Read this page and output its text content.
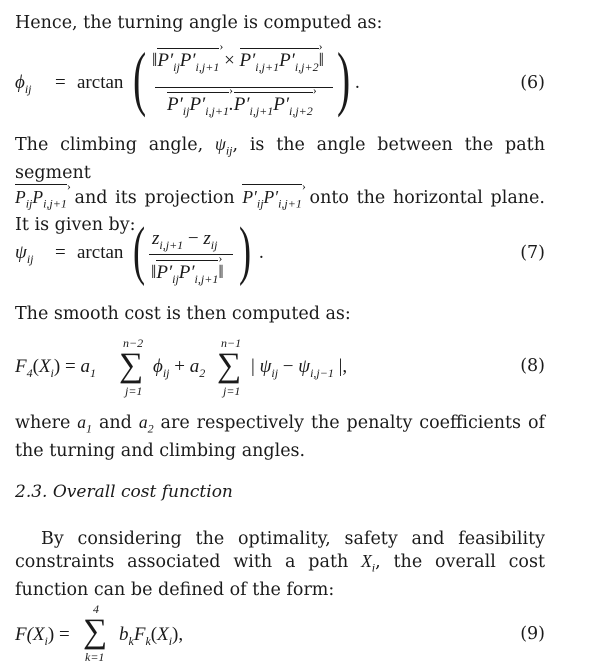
Hence, the turning angle is computed as:

$\phi_{ij} = \arctan$ ( $‖P'_{ij}P'_{i,j+1}$ › × $P'_{i,j+1}P'_{i,j+2}$ ›‖
$P'_{ij}P'_{i,j+1}$ $›.P'_{i,j+1}P'_{i,j+2}$ › ) .	(6)
The climbing angle, $\psi_{ij}$, is the angle between the path segment
$P_{ij}P_{i,j+1}$ › and its projection $P'_{ij}P'_{i,j+1}$ › onto the horizontal plane. It is given by:
$\psi_{ij} = \arctan$ ( $z_{i,j+1} - z_{ij}$
$‖P'_{ij}P'_{i,j+1}$ ›‖ ) .	(7)

The smooth cost is then computed as:

$F_4(X_i) = a_1$
n−2
∑
j=1
$\phi_{ij} + a_2$
n−1
∑
j=1
| $\psi_{ij} - \psi_{i,j-1}$ |,	(8)
where $a_1$ and $a_2$ are respectively the penalty coefficients of the turning and climbing angles.
2.3. Overall cost function
By considering the optimality, safety and feasibility constraints associated with a path $X_i$, the overall cost function can be defined of the form:
$F(X_i)$ =
4
∑
k=1
$b_kF_k(X_i)$,	(9)
